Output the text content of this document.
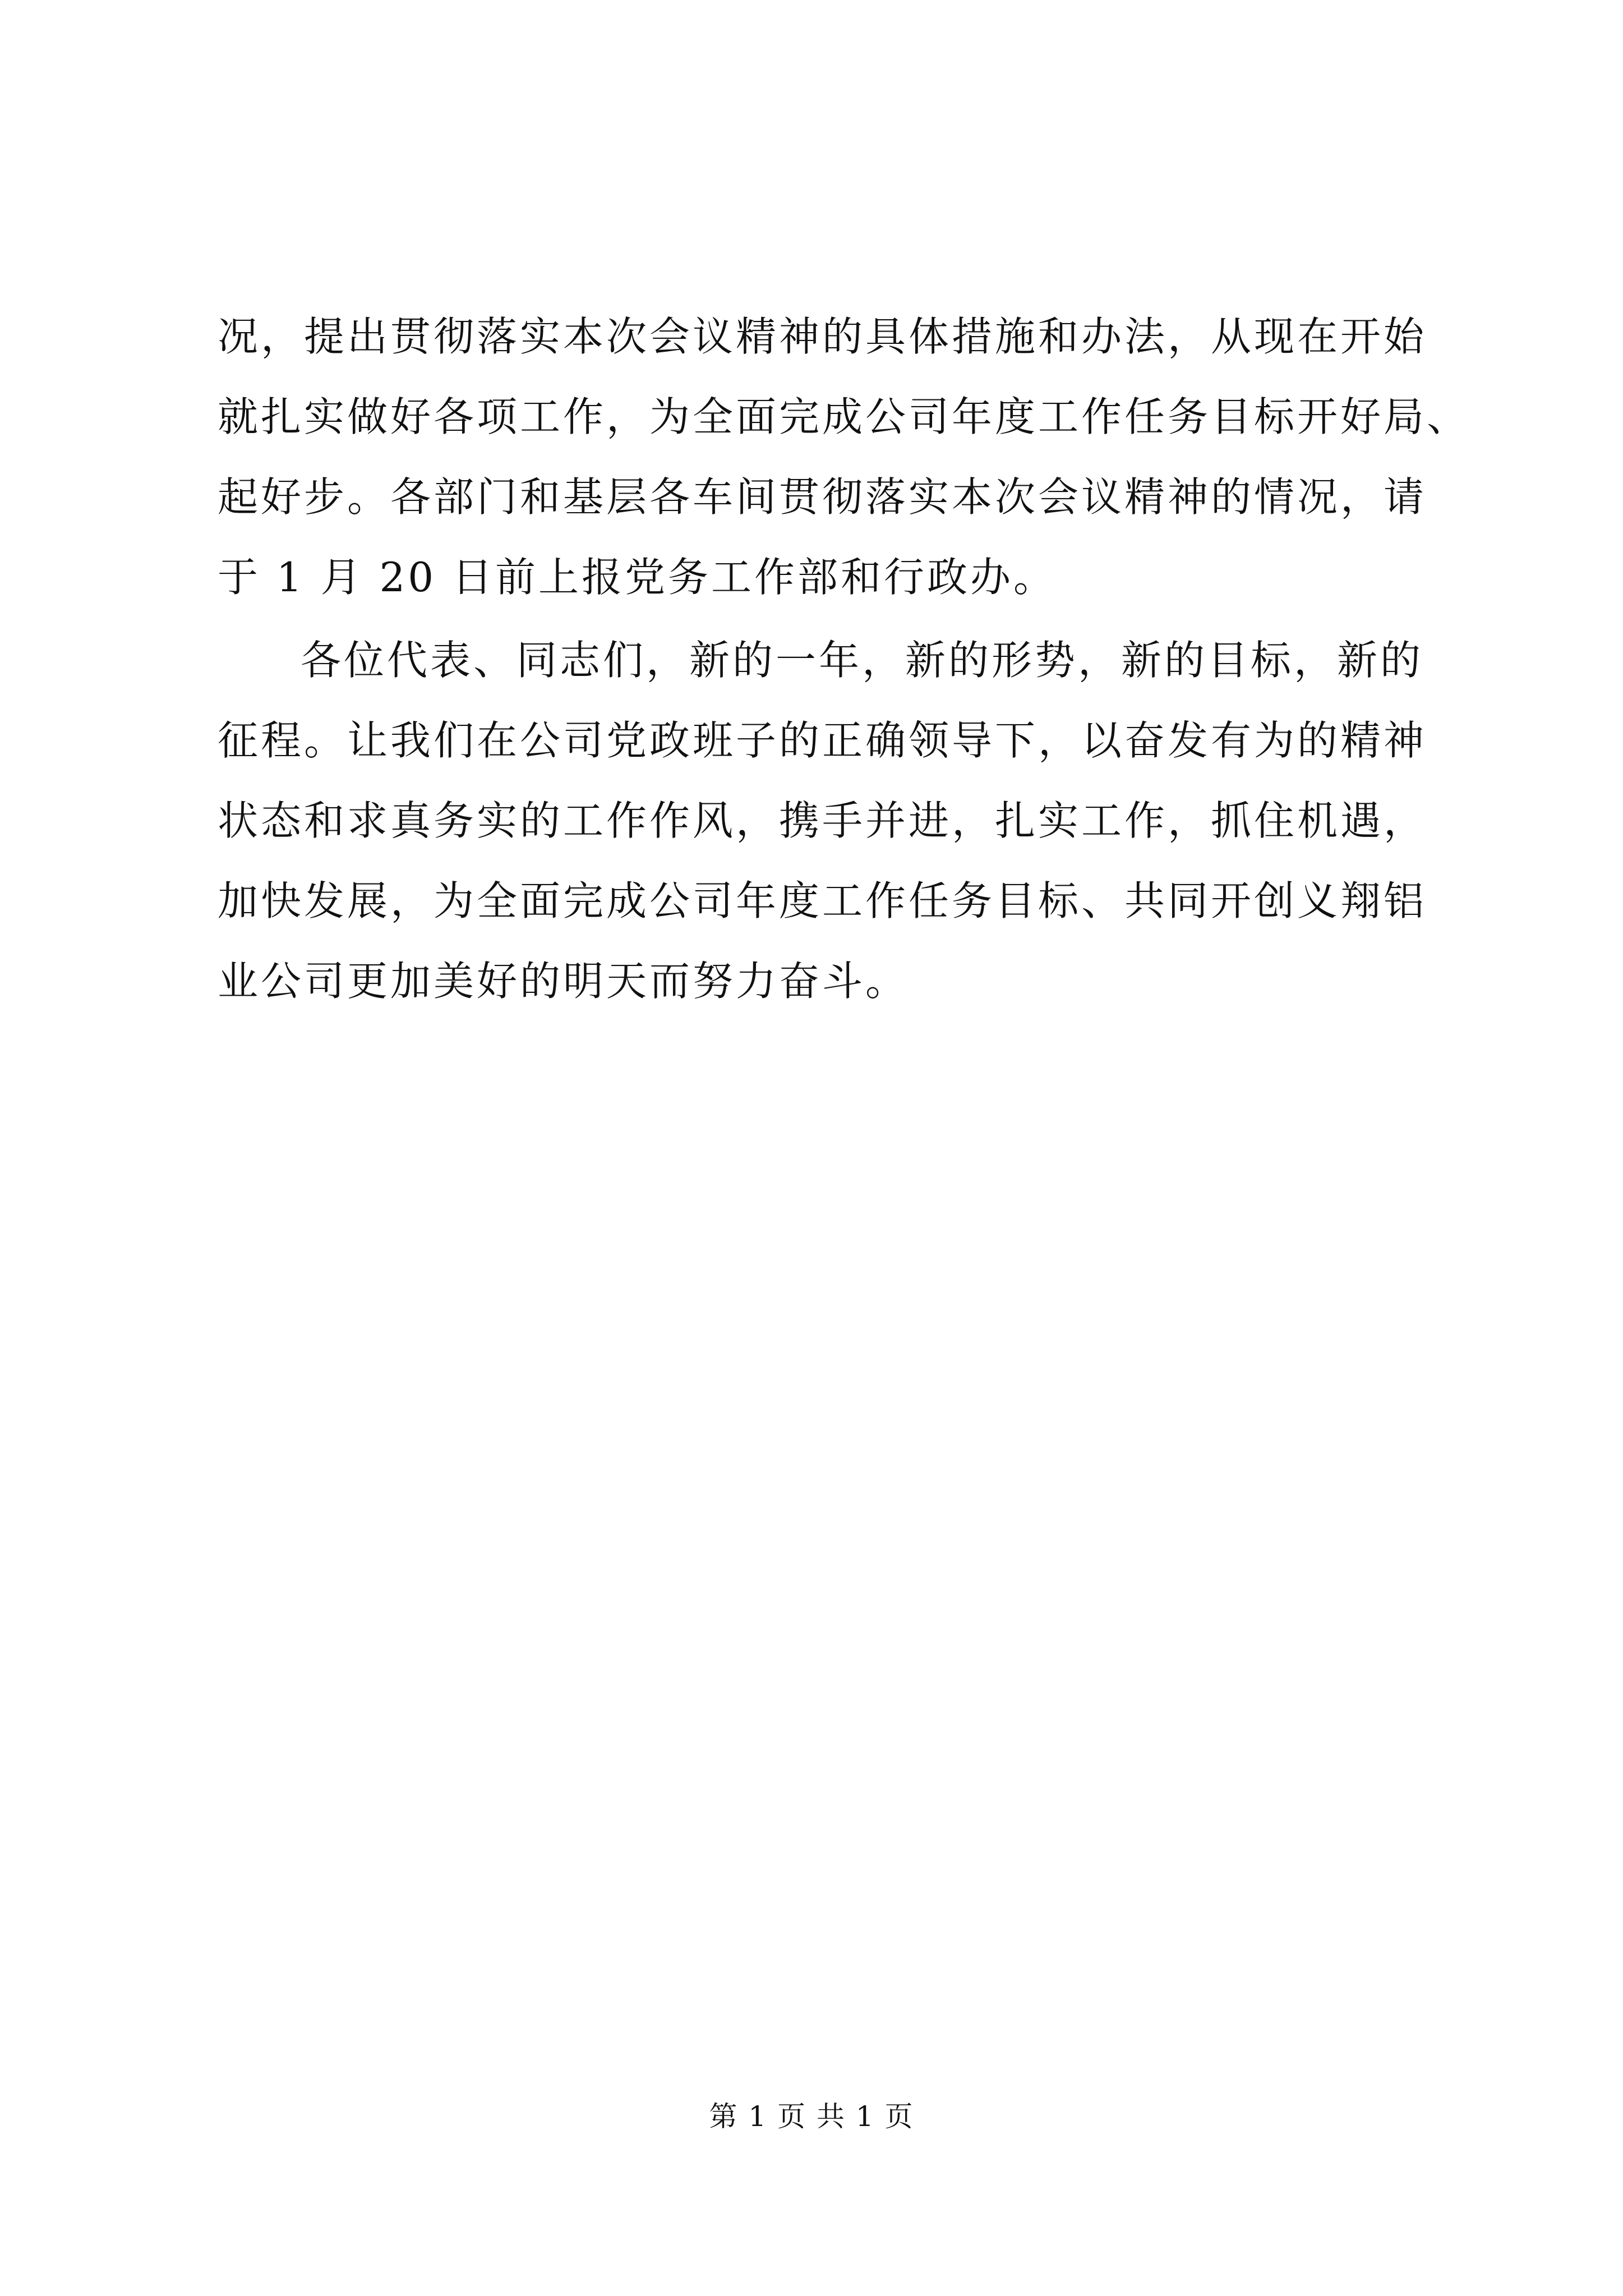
况，提出贯彻落实本次会议精神的具体措施和办法，从现在开始
就扎实做好各项工作，为全面完成公司年度工作任务目标开好局、
起好步。各部门和基层各车间贯彻落实本次会议精神的情况，请
于 1 月 20 日前上报党务工作部和行政办。
各位代表、同志们，新的一年，新的形势，新的目标，新的
征程。让我们在公司党政班子的正确领导下，以奋发有为的精神
状态和求真务实的工作作风，携手并进，扎实工作，抓住机遇，
加快发展，为全面完成公司年度工作任务目标、共同开创义翔铝
业公司更加美好的明天而努力奋斗。
第 1 页 共 1 页
